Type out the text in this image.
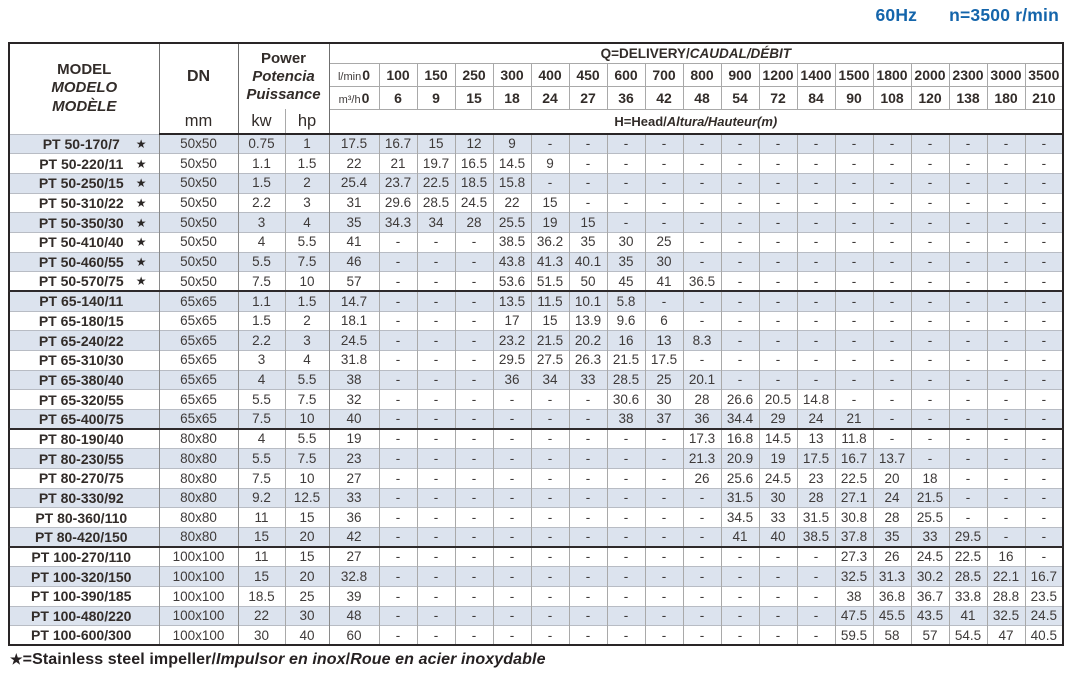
60Hz n=3500 r/min
MODEL
MODELO
MODÈLE
	DN	
Power
Potencia
Puissance
	Q=DELIVERY/CAUDAL/DÉBIT
				l/min0	100	150	250	300	400	450	600	700	800	900	1200	1400	1500	1800	2000	2300	3000	3500
				m³/h0	6	9	15	18	24	27	36	42	48	54	72	84	90	108	120	138	180	210
	mm	kw	hp	H=Head/Altura/Hauteur(m)																		
PT 50-170/7 ★	50x50	0.75	1	17.5	16.7	15	12	9	-	-	-	-	-	-	-	-	-	-	-	-	-	-
PT 50-220/11 ★	50x50	1.1	1.5	22	21	19.7	16.5	14.5	9	-	-	-	-	-	-	-	-	-	-	-	-	-
PT 50-250/15 ★	50x50	1.5	2	25.4	23.7	22.5	18.5	15.8	-	-	-	-	-	-	-	-	-	-	-	-	-	-
PT 50-310/22 ★	50x50	2.2	3	31	29.6	28.5	24.5	22	15	-	-	-	-	-	-	-	-	-	-	-	-	-
PT 50-350/30 ★	50x50	3	4	35	34.3	34	28	25.5	19	15	-	-	-	-	-	-	-	-	-	-	-	-
PT 50-410/40 ★	50x50	4	5.5	41	-	-	-	38.5	36.2	35	30	25	-	-	-	-	-	-	-	-	-	-
PT 50-460/55 ★	50x50	5.5	7.5	46	-	-	-	43.8	41.3	40.1	35	30	-	-	-	-	-	-	-	-	-	-
PT 50-570/75 ★	50x50	7.5	10	57	-	-	-	53.6	51.5	50	45	41	36.5	-	-	-	-	-	-	-	-	-
PT 65-140/11	65x65	1.1	1.5	14.7	-	-	-	13.5	11.5	10.1	5.8	-	-	-	-	-	-	-	-	-	-	-
PT 65-180/15	65x65	1.5	2	18.1	-	-	-	17	15	13.9	9.6	6	-	-	-	-	-	-	-	-	-	-
PT 65-240/22	65x65	2.2	3	24.5	-	-	-	23.2	21.5	20.2	16	13	8.3	-	-	-	-	-	-	-	-	-
PT 65-310/30	65x65	3	4	31.8	-	-	-	29.5	27.5	26.3	21.5	17.5	-	-	-	-	-	-	-	-	-	-
PT 65-380/40	65x65	4	5.5	38	-	-	-	36	34	33	28.5	25	20.1	-	-	-	-	-	-	-	-	-
PT 65-320/55	65x65	5.5	7.5	32	-	-	-	-	-	-	30.6	30	28	26.6	20.5	14.8	-	-	-	-	-	-
PT 65-400/75	65x65	7.5	10	40	-	-	-	-	-	-	38	37	36	34.4	29	24	21	-	-	-	-	-
PT 80-190/40	80x80	4	5.5	19	-	-	-	-	-	-	-	-	17.3	16.8	14.5	13	11.8	-	-	-	-	-
PT 80-230/55	80x80	5.5	7.5	23	-	-	-	-	-	-	-	-	21.3	20.9	19	17.5	16.7	13.7	-	-	-	-
PT 80-270/75	80x80	7.5	10	27	-	-	-	-	-	-	-	-	26	25.6	24.5	23	22.5	20	18	-	-	-
PT 80-330/92	80x80	9.2	12.5	33	-	-	-	-	-	-	-	-	-	31.5	30	28	27.1	24	21.5	-	-	-
PT 80-360/110	80x80	11	15	36	-	-	-	-	-	-	-	-	-	34.5	33	31.5	30.8	28	25.5	-	-	-
PT 80-420/150	80x80	15	20	42	-	-	-	-	-	-	-	-	-	41	40	38.5	37.8	35	33	29.5	-	-
PT 100-270/110	100x100	11	15	27	-	-	-	-	-	-	-	-	-	-	-	-	27.3	26	24.5	22.5	16	-
PT 100-320/150	100x100	15	20	32.8	-	-	-	-	-	-	-	-	-	-	-	-	32.5	31.3	30.2	28.5	22.1	16.7
PT 100-390/185	100x100	18.5	25	39	-	-	-	-	-	-	-	-	-	-	-	-	38	36.8	36.7	33.8	28.8	23.5
PT 100-480/220	100x100	22	30	48	-	-	-	-	-	-	-	-	-	-	-	-	47.5	45.5	43.5	41	32.5	24.5
PT 100-600/300	100x100	30	40	60	-	-	-	-	-	-	-	-	-	-	-	-	59.5	58	57	54.5	47	40.5
★=Stainless steel impeller/Impulsor en inox/Roue en acier inoxydable
